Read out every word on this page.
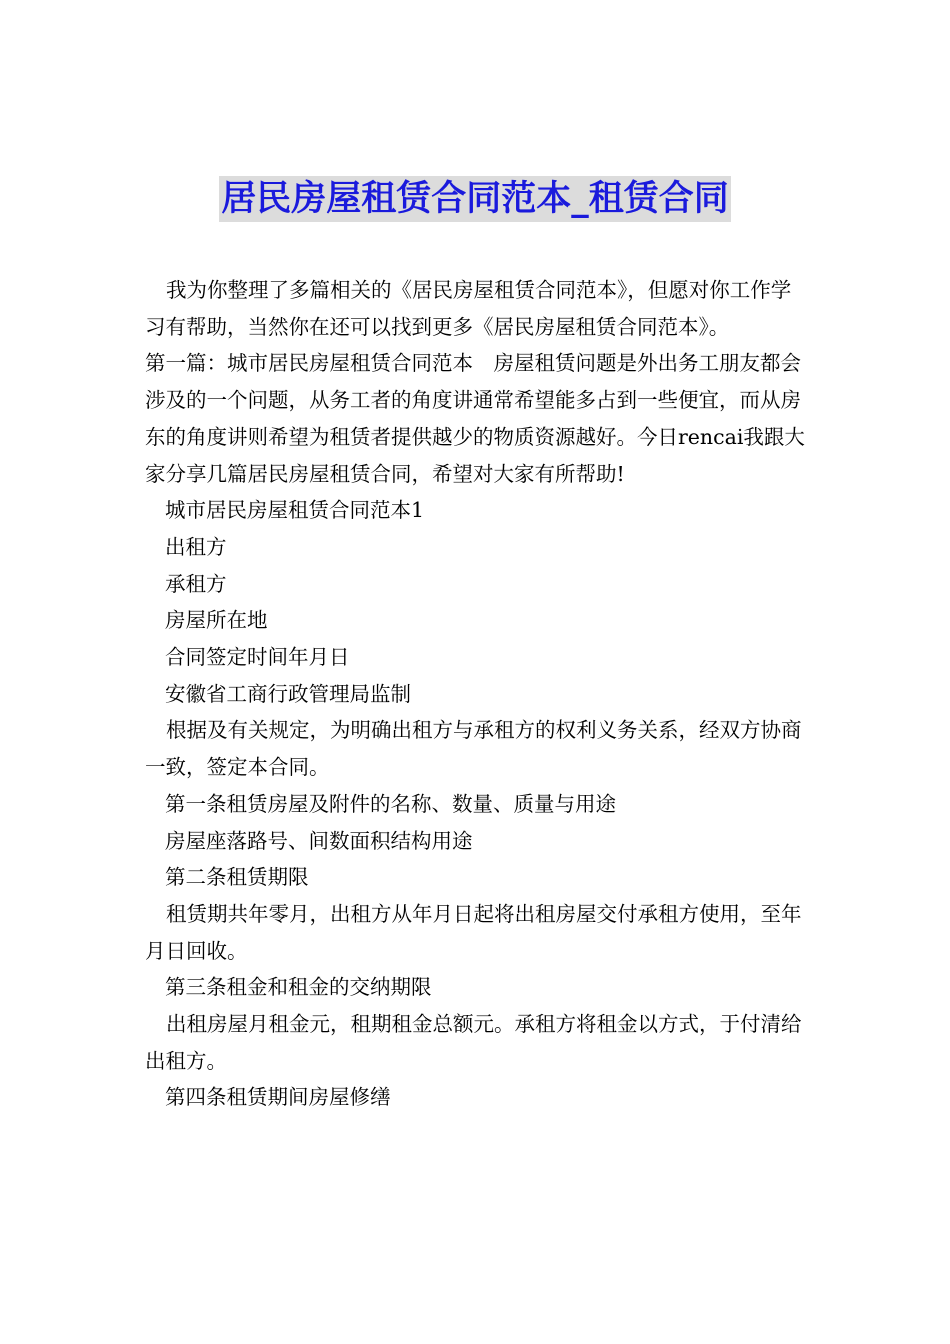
居民房屋租赁合同范本_租赁合同

我为你整理了多篇相关的《居民房屋租赁合同范本》，但愿对你工作学习有帮助，当然你在还可以找到更多《居民房屋租赁合同范本》。

第一篇：城市居民房屋租赁合同范本　房屋租赁问题是外出务工朋友都会涉及的一个问题，从务工者的角度讲通常希望能多占到一些便宜，而从房东的角度讲则希望为租赁者提供越少的物质资源越好。今日rencai我跟大家分享几篇居民房屋租赁合同，希望对大家有所帮助!

城市居民房屋租赁合同范本1

出租方

承租方

房屋所在地

合同签定时间年月日

安徽省工商行政管理局监制

根据及有关规定，为明确出租方与承租方的权利义务关系，经双方协商一致，签定本合同。

第一条租赁房屋及附件的名称、数量、质量与用途

房屋座落路号、间数面积结构用途

第二条租赁期限

租赁期共年零月，出租方从年月日起将出租房屋交付承租方使用，至年月日回收。

第三条租金和租金的交纳期限

出租房屋月租金元，租期租金总额元。承租方将租金以方式，于付清给出租方。

第四条租赁期间房屋修缮
